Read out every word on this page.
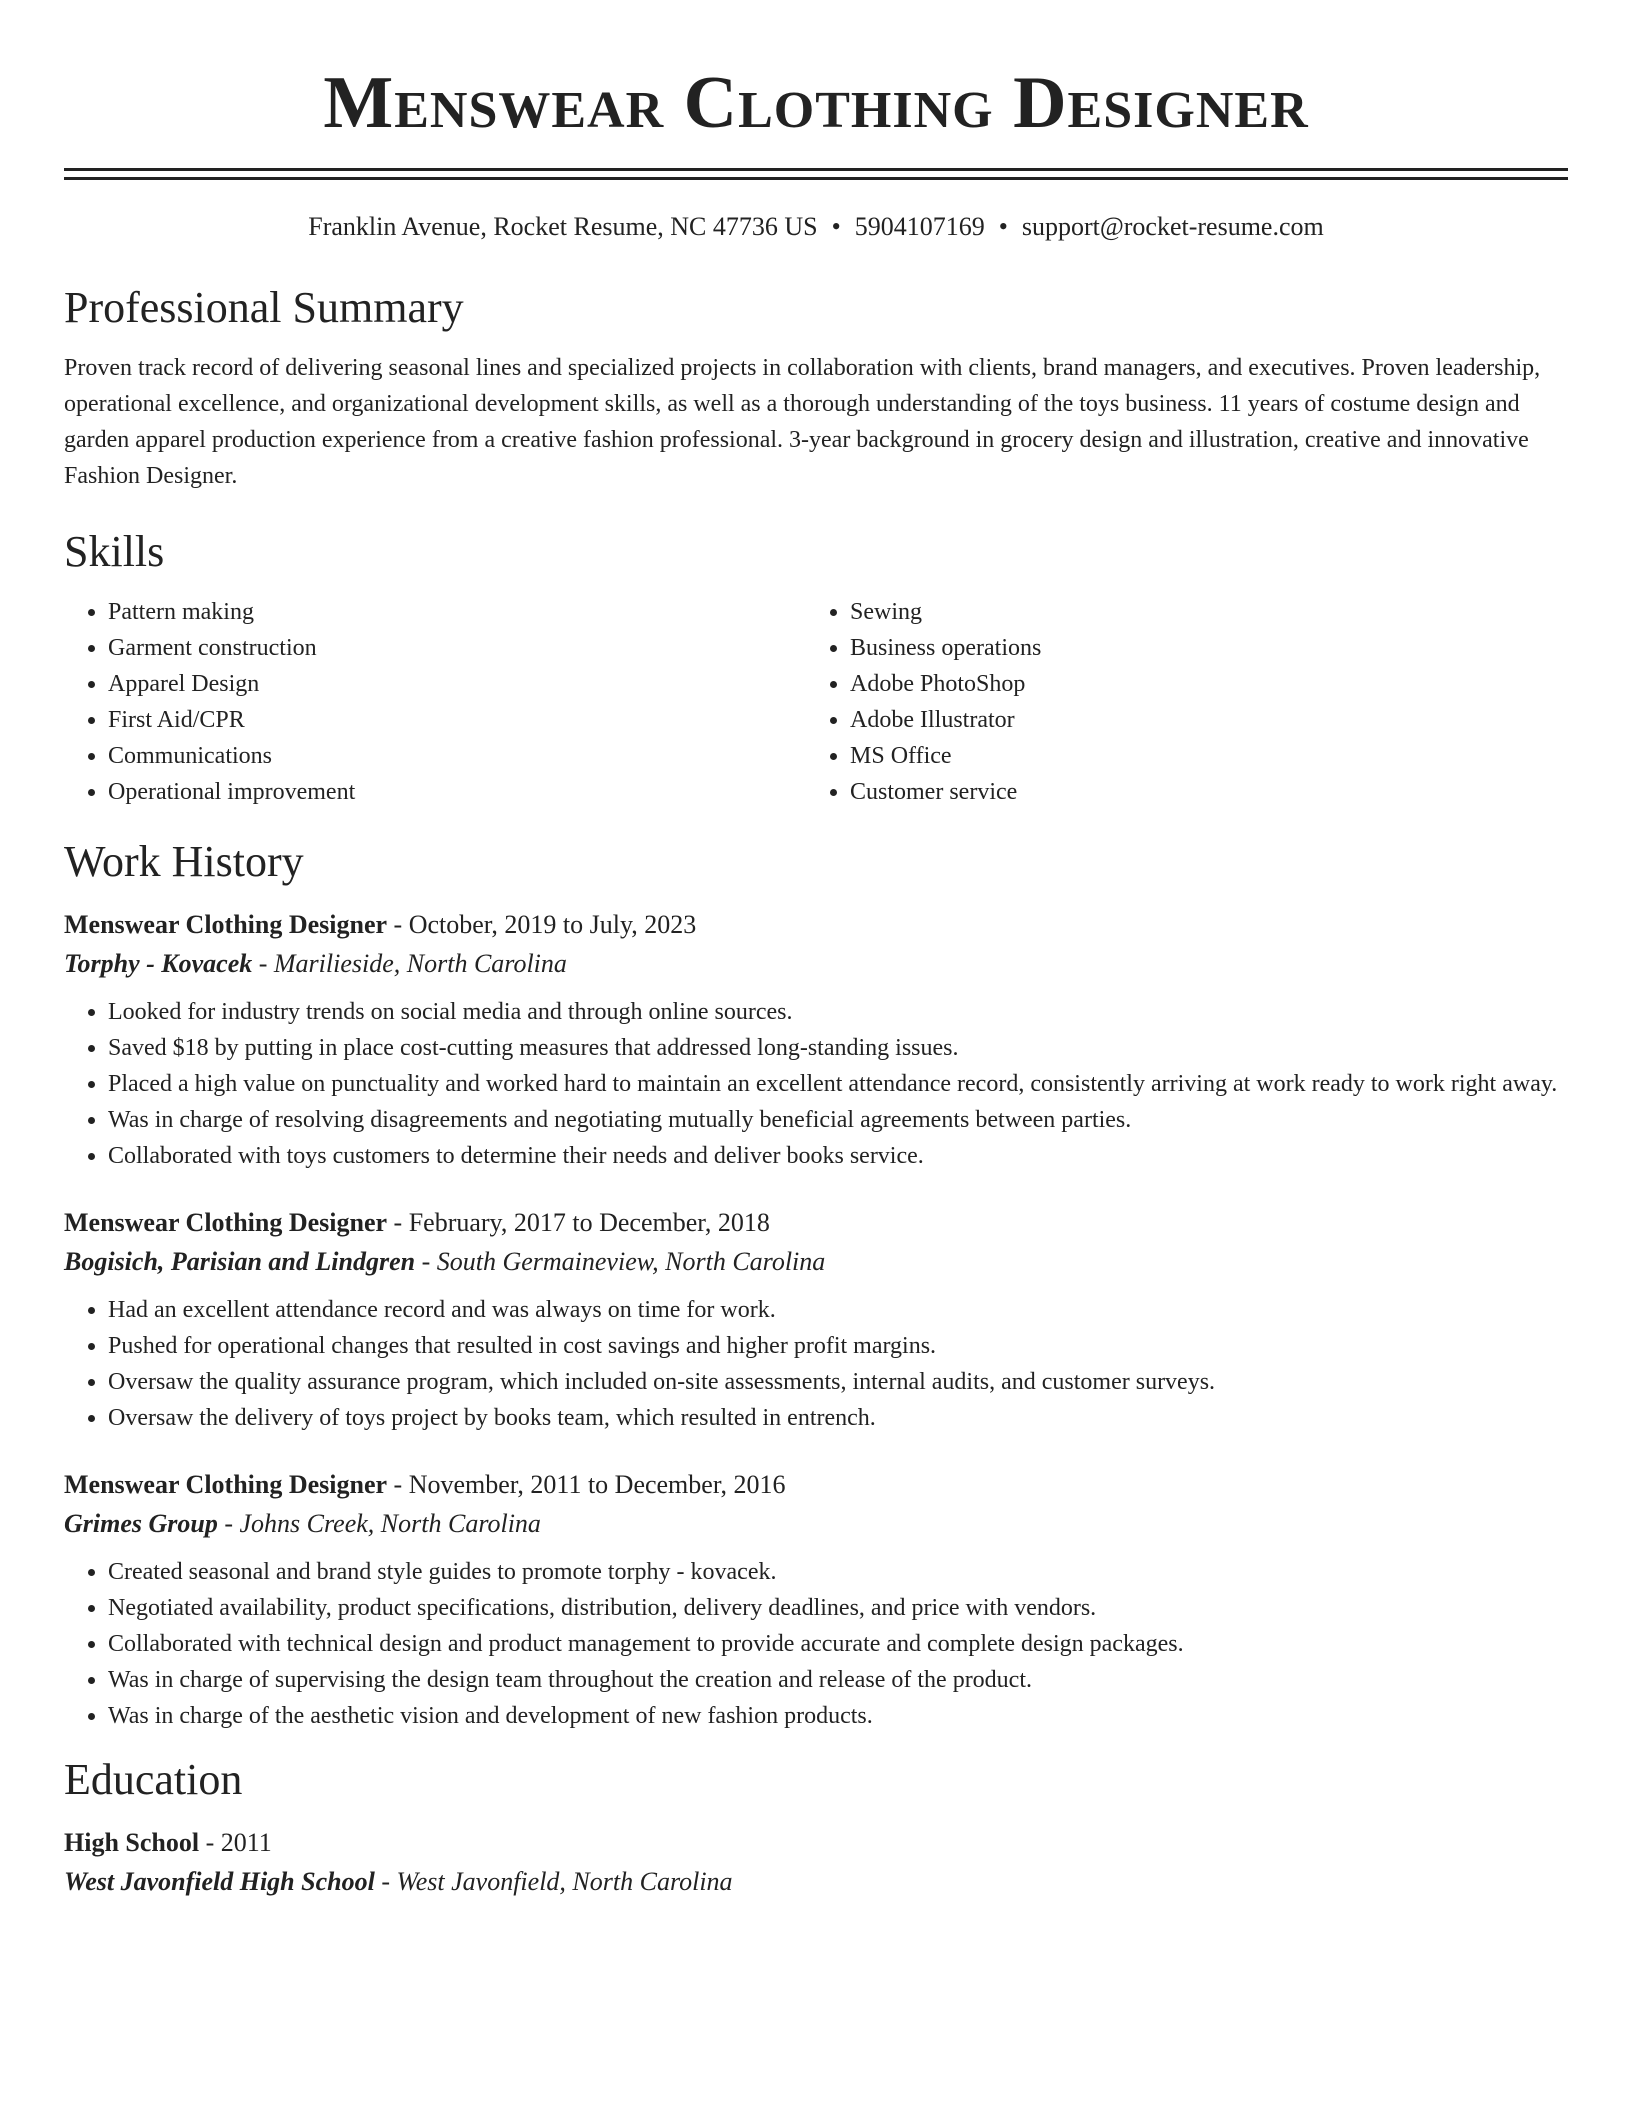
Menswear Clothing Designer
Franklin Avenue, Rocket Resume, NC 47736 US • 5904107169 • support@rocket-resume.com
Professional Summary
Proven track record of delivering seasonal lines and specialized projects in collaboration with clients, brand managers, and executives. Proven leadership, operational excellence, and organizational development skills, as well as a thorough understanding of the toys business. 11 years of costume design and garden apparel production experience from a creative fashion professional. 3-year background in grocery design and illustration, creative and innovative Fashion Designer.
Skills
• Pattern making
• Garment construction
• Apparel Design
• First Aid/CPR
• Communications
• Operational improvement
• Sewing
• Business operations
• Adobe PhotoShop
• Adobe Illustrator
• MS Office
• Customer service
Work History
Menswear Clothing Designer - October, 2019 to July, 2023
Torphy - Kovacek - Marilieside, North Carolina
• Looked for industry trends on social media and through online sources.
• Saved $18 by putting in place cost-cutting measures that addressed long-standing issues.
• Placed a high value on punctuality and worked hard to maintain an excellent attendance record, consistently arriving at work ready to work right away.
• Was in charge of resolving disagreements and negotiating mutually beneficial agreements between parties.
• Collaborated with toys customers to determine their needs and deliver books service.
Menswear Clothing Designer - February, 2017 to December, 2018
Bogisich, Parisian and Lindgren - South Germaineview, North Carolina
• Had an excellent attendance record and was always on time for work.
• Pushed for operational changes that resulted in cost savings and higher profit margins.
• Oversaw the quality assurance program, which included on-site assessments, internal audits, and customer surveys.
• Oversaw the delivery of toys project by books team, which resulted in entrench.
Menswear Clothing Designer - November, 2011 to December, 2016
Grimes Group - Johns Creek, North Carolina
• Created seasonal and brand style guides to promote torphy - kovacek.
• Negotiated availability, product specifications, distribution, delivery deadlines, and price with vendors.
• Collaborated with technical design and product management to provide accurate and complete design packages.
• Was in charge of supervising the design team throughout the creation and release of the product.
• Was in charge of the aesthetic vision and development of new fashion products.
Education
High School - 2011
West Javonfield High School - West Javonfield, North Carolina
